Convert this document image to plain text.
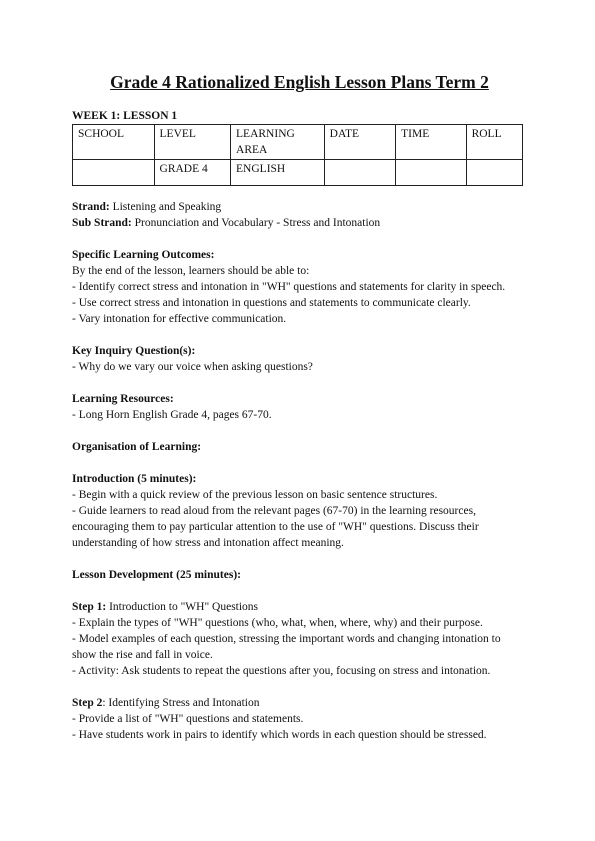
Grade 4 Rationalized English Lesson Plans Term 2
WEEK 1: LESSON 1
SCHOOL	LEVEL	LEARNING AREA	DATE	TIME	ROLL
	GRADE 4	ENGLISH			
Strand: Listening and Speaking
Sub Strand: Pronunciation and Vocabulary - Stress and Intonation
Specific Learning Outcomes:
By the end of the lesson, learners should be able to:
- Identify correct stress and intonation in "WH" questions and statements for clarity in speech.
- Use correct stress and intonation in questions and statements to communicate clearly.
- Vary intonation for effective communication.
Key Inquiry Question(s):
- Why do we vary our voice when asking questions?
Learning Resources:
- Long Horn English Grade 4, pages 67-70.
Organisation of Learning:
Introduction (5 minutes):
- Begin with a quick review of the previous lesson on basic sentence structures.
- Guide learners to read aloud from the relevant pages (67-70) in the learning resources, encouraging them to pay particular attention to the use of "WH" questions. Discuss their understanding of how stress and intonation affect meaning.
Lesson Development (25 minutes):
Step 1: Introduction to "WH" Questions
- Explain the types of "WH" questions (who, what, when, where, why) and their purpose.
- Model examples of each question, stressing the important words and changing intonation to show the rise and fall in voice.
- Activity: Ask students to repeat the questions after you, focusing on stress and intonation.
Step 2: Identifying Stress and Intonation
- Provide a list of "WH" questions and statements.
- Have students work in pairs to identify which words in each question should be stressed.
